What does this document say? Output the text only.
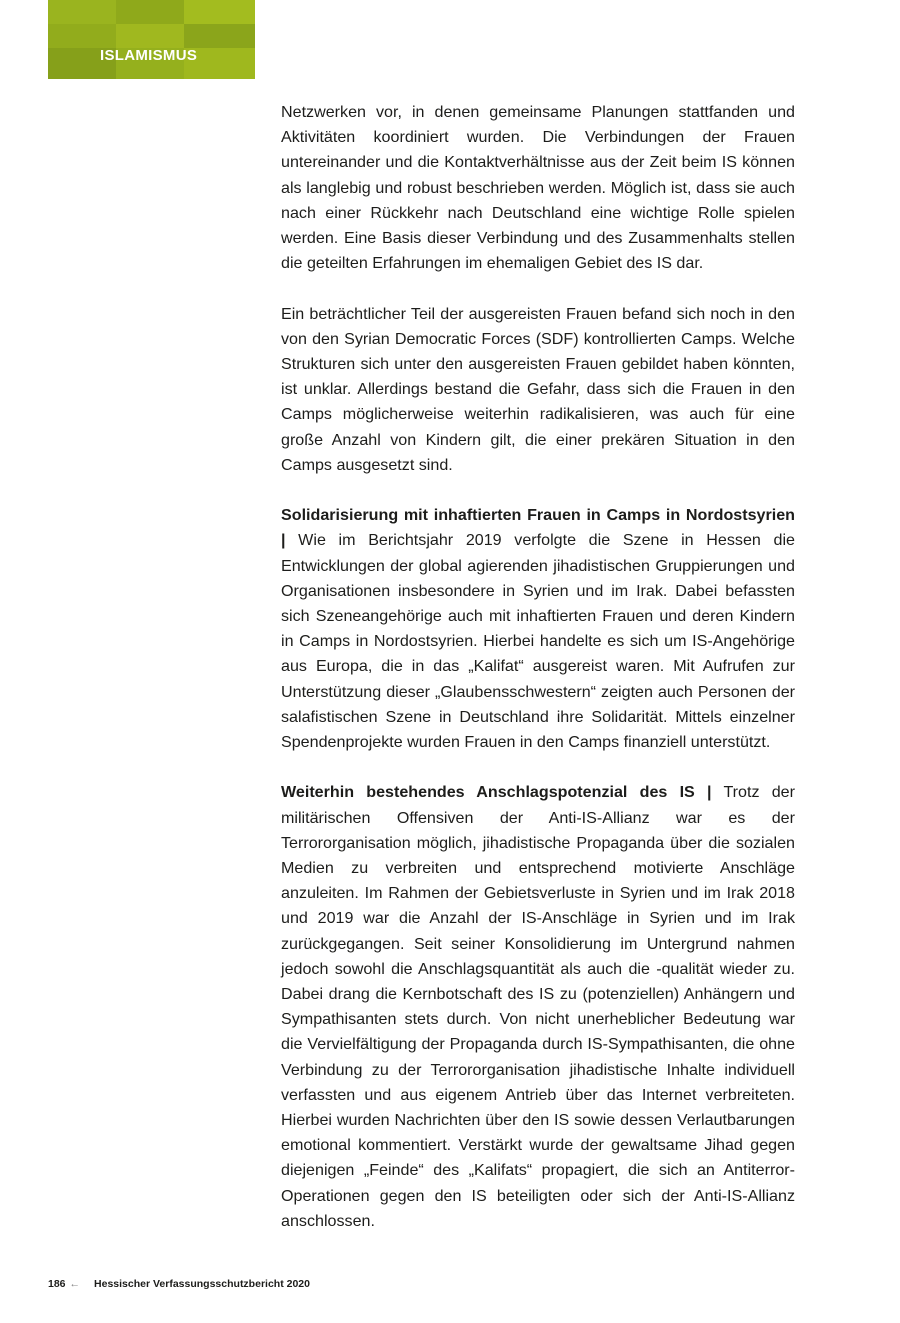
ISLAMISMUS

Netzwerken vor, in denen gemeinsame Planungen stattfanden und Aktivitäten koordiniert wurden. Die Verbindungen der Frauen untereinander und die Kontaktverhältnisse aus der Zeit beim IS können als langlebig und robust beschrieben werden. Möglich ist, dass sie auch nach einer Rückkehr nach Deutschland eine wichtige Rolle spielen werden. Eine Basis dieser Verbindung und des Zusammenhalts stellen die geteilten Erfahrungen im ehemaligen Gebiet des IS dar.

Ein beträchtlicher Teil der ausgereisten Frauen befand sich noch in den von den Syrian Democratic Forces (SDF) kontrollierten Camps. Welche Strukturen sich unter den ausgereisten Frauen gebildet haben könnten, ist unklar. Allerdings bestand die Gefahr, dass sich die Frauen in den Camps möglicherweise weiterhin radikalisieren, was auch für eine große Anzahl von Kindern gilt, die einer prekären Situation in den Camps ausgesetzt sind.

Solidarisierung mit inhaftierten Frauen in Camps in Nordostsyrien | Wie im Berichtsjahr 2019 verfolgte die Szene in Hessen die Entwicklungen der global agierenden jihadistischen Gruppierungen und Organisationen insbesondere in Syrien und im Irak. Dabei befassten sich Szeneangehörige auch mit inhaftierten Frauen und deren Kindern in Camps in Nordostsyrien. Hierbei handelte es sich um IS-Angehörige aus Europa, die in das „Kalifat“ ausgereist waren. Mit Aufrufen zur Unterstützung dieser „Glaubensschwestern“ zeigten auch Personen der salafistischen Szene in Deutschland ihre Solidarität. Mittels einzelner Spendenprojekte wurden Frauen in den Camps finanziell unterstützt.

Weiterhin bestehendes Anschlagspotenzial des IS | Trotz der militärischen Offensiven der Anti-IS-Allianz war es der Terrororganisation möglich, jihadistische Propaganda über die sozialen Medien zu verbreiten und entsprechend motivierte Anschläge anzuleiten. Im Rahmen der Gebietsverluste in Syrien und im Irak 2018 und 2019 war die Anzahl der IS-Anschläge in Syrien und im Irak zurückgegangen. Seit seiner Konsolidierung im Untergrund nahmen jedoch sowohl die Anschlagsquantität als auch die -qualität wieder zu. Dabei drang die Kernbotschaft des IS zu (potenziellen) Anhängern und Sympathisanten stets durch. Von nicht unerheblicher Bedeutung war die Vervielfältigung der Propaganda durch IS-Sympathisanten, die ohne Verbindung zu der Terrororganisation jihadistische Inhalte individuell verfassten und aus eigenem Antrieb über das Internet verbreiteten. Hierbei wurden Nachrichten über den IS sowie dessen Verlautbarungen emotional kommentiert. Verstärkt wurde der gewaltsame Jihad gegen diejenigen „Feinde“ des „Kalifats“ propagiert, die sich an Antiterror-Operationen gegen den IS beteiligten oder sich der Anti-IS-Allianz anschlossen.

186 ← Hessischer Verfassungsschutzbericht 2020
